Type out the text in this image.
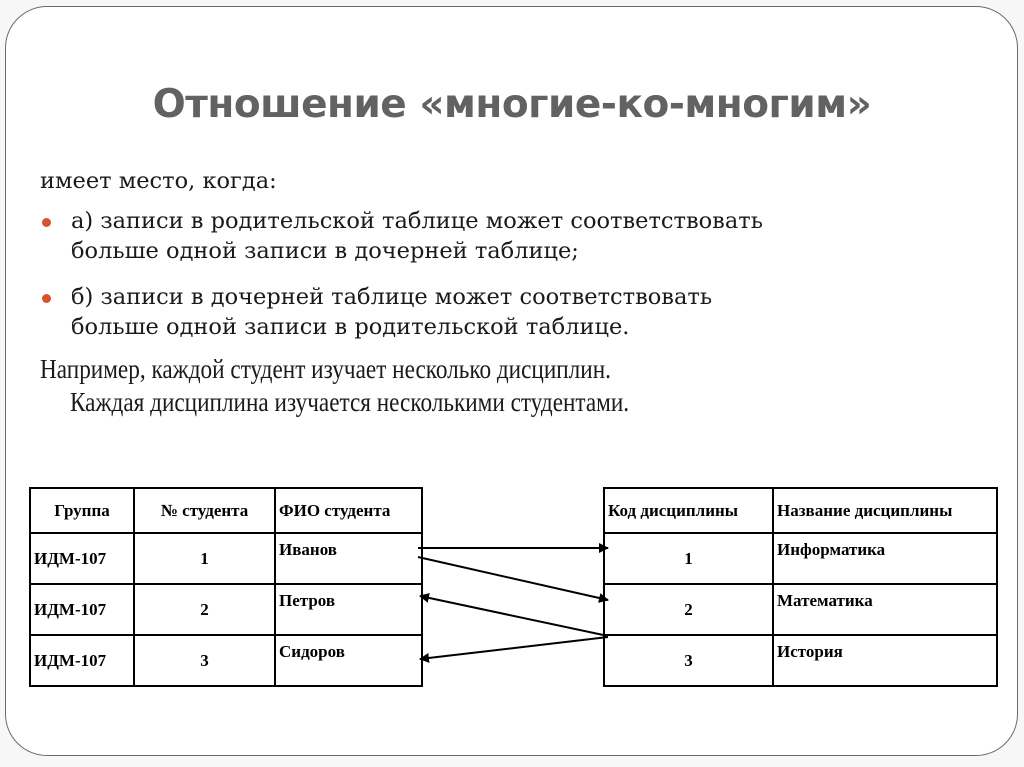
Отношение «многие-ко-многим»
имеет место, когда:
а) записи в родительской таблице может соответствовать
больше одной записи в дочерней таблице;
б) записи в дочерней таблице может соответствовать
больше одной записи в родительской таблице.
Например, каждой студент изучает несколько дисциплин.
Каждая дисциплина изучается несколькими студентами.
Группа	№ студента	ФИО студента
ИДМ-107	1	Иванов
ИДМ-107	2	Петров
ИДМ-107	3	Сидоров
Код дисциплины	Название дисциплины
1	Информатика
2	Математика
3	История
